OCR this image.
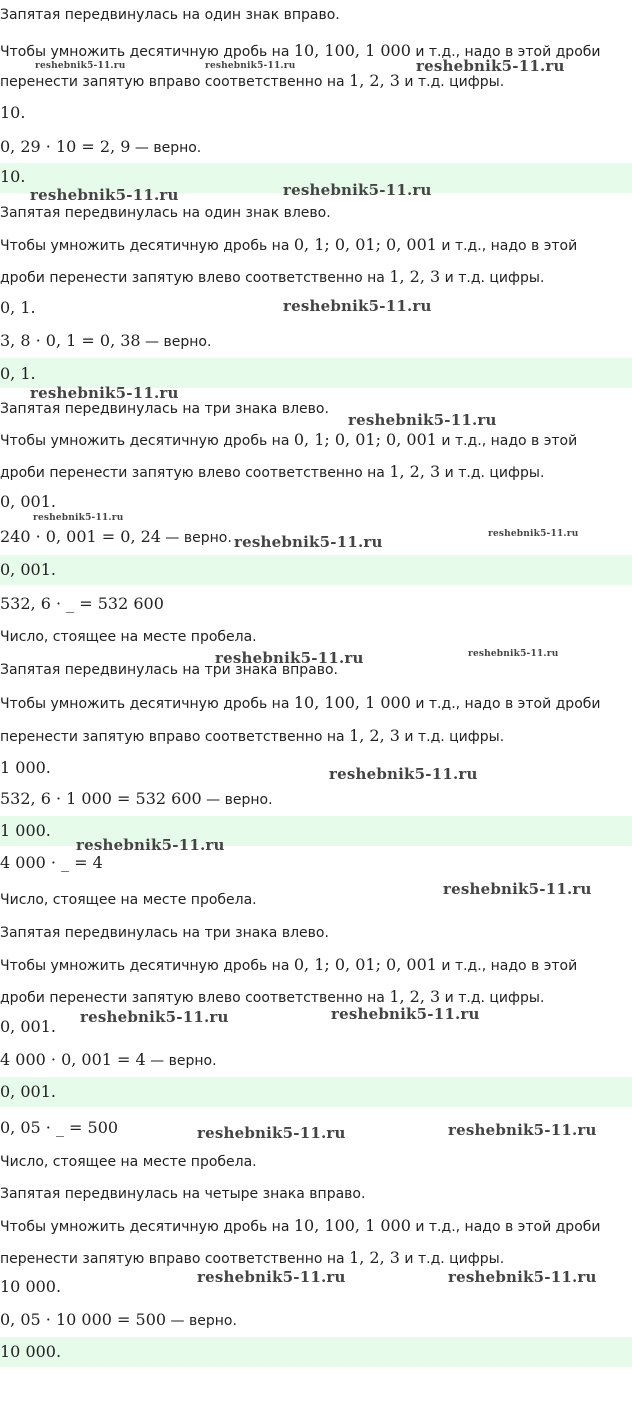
Запятая передвинулась на один знак вправо.
Чтобы умножить десятичную дробь на 10, 100, 1 000 и т.д., надо в этой дроби
перенести запятую вправо соответственно на 1, 2, 3 и т.д. цифры.
10.
0, 29 · 10 = 2, 9 — верно.
10.
Запятая передвинулась на один знак влево.
Чтобы умножить десятичную дробь на 0, 1; 0, 01; 0, 001 и т.д., надо в этой
дроби перенести запятую влево соответственно на 1, 2, 3 и т.д. цифры.
0, 1.
3, 8 · 0, 1 = 0, 38 — верно.
0, 1.
Запятая передвинулась на три знака влево.
Чтобы умножить десятичную дробь на 0, 1; 0, 01; 0, 001 и т.д., надо в этой
дроби перенести запятую влево соответственно на 1, 2, 3 и т.д. цифры.
0, 001.
240 · 0, 001 = 0, 24 — верно.
0, 001.
532, 6 · _ = 532 600
Число, стоящее на месте пробела.
Запятая передвинулась на три знака вправо.
Чтобы умножить десятичную дробь на 10, 100, 1 000 и т.д., надо в этой дроби
перенести запятую вправо соответственно на 1, 2, 3 и т.д. цифры.
1 000.
532, 6 · 1 000 = 532 600 — верно.
1 000.
4 000 · _ = 4
Число, стоящее на месте пробела.
Запятая передвинулась на три знака влево.
Чтобы умножить десятичную дробь на 0, 1; 0, 01; 0, 001 и т.д., надо в этой
дроби перенести запятую влево соответственно на 1, 2, 3 и т.д. цифры.
0, 001.
4 000 · 0, 001 = 4 — верно.
0, 001.
0, 05 · _ = 500
Число, стоящее на месте пробела.
Запятая передвинулась на четыре знака вправо.
Чтобы умножить десятичную дробь на 10, 100, 1 000 и т.д., надо в этой дроби
перенести запятую вправо соответственно на 1, 2, 3 и т.д. цифры.
10 000.
0, 05 · 10 000 = 500 — верно.
10 000.
reshebnik5-11.ru	reshebnik5-11.ru	reshebnik5-11.ru
reshebnik5-11.ru	reshebnik5-11.ru
reshebnik5-11.ru
reshebnik5-11.ru
reshebnik5-11.ru
reshebnik5-11.ru
reshebnik5-11.ru	reshebnik5-11.ru
reshebnik5-11.ru	reshebnik5-11.ru
reshebnik5-11.ru
reshebnik5-11.ru
reshebnik5-11.ru
reshebnik5-11.ru	reshebnik5-11.ru
reshebnik5-11.ru	reshebnik5-11.ru
reshebnik5-11.ru	reshebnik5-11.ru
